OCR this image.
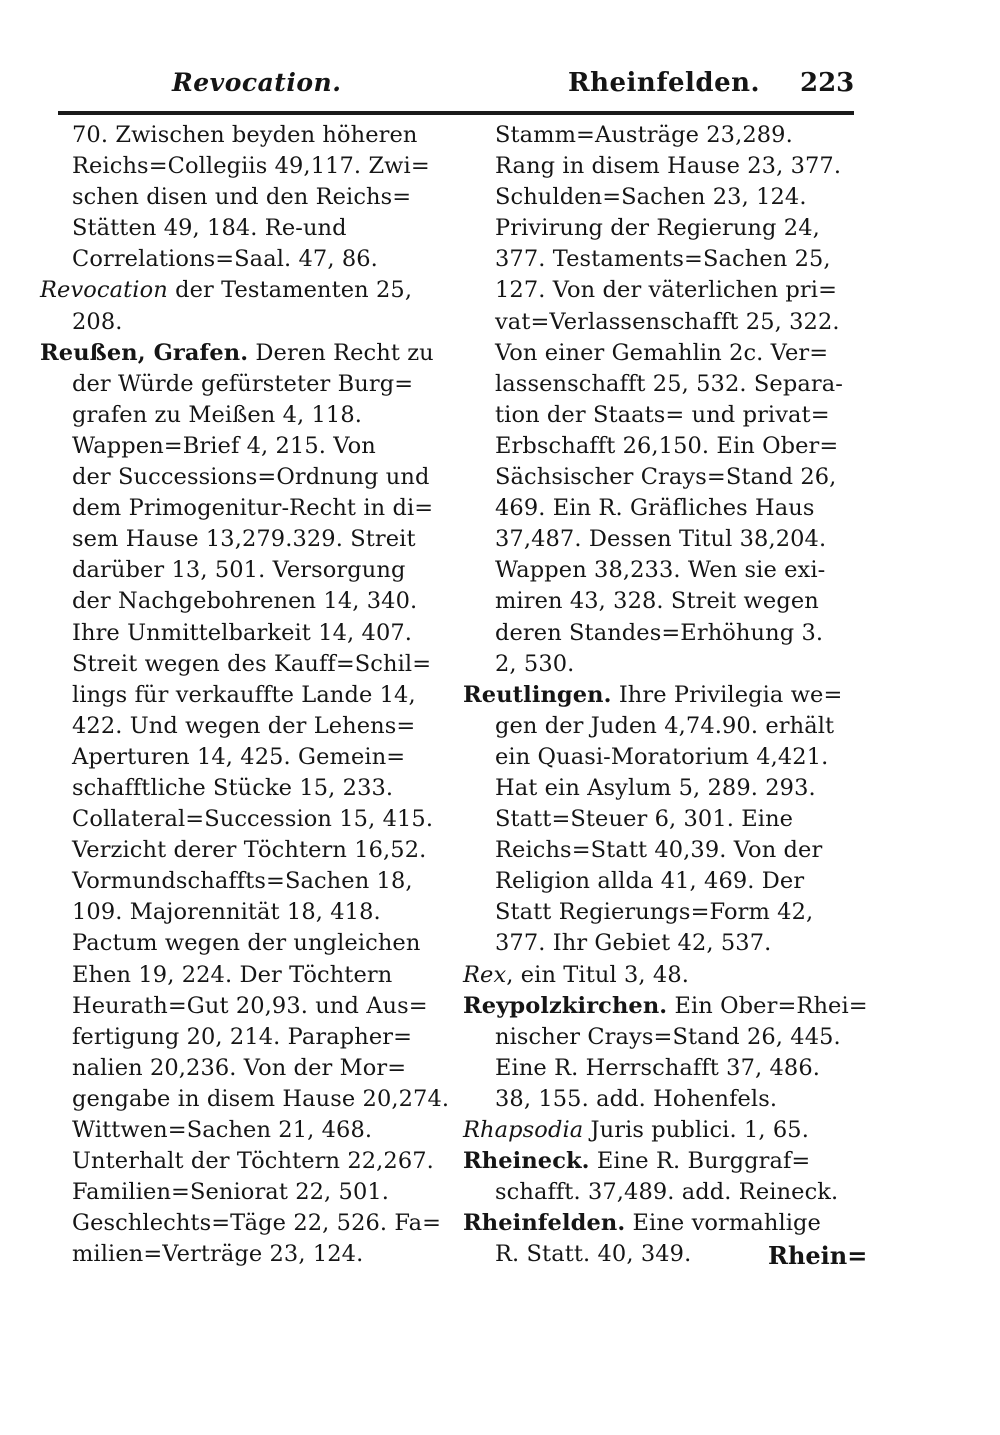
Revocation.	Rheinfelden. 223
70. Zwischen beyden höheren
Reichs=Collegiis 49,117. Zwi=
schen disen und den Reichs=
Stätten 49, 184. Re-und
Correlations=Saal. 47, 86.
Revocation der Testamenten 25,
208.
Reußen, Grafen. Deren Recht zu
der Würde gefürsteter Burg=
grafen zu Meißen 4, 118.
Wappen=Brief 4, 215. Von
der Successions=Ordnung und
dem Primogenitur-Recht in di=
sem Hause 13,279.329. Streit
darüber 13, 501. Versorgung
der Nachgebohrenen 14, 340.
Ihre Unmittelbarkeit 14, 407.
Streit wegen des Kauff=Schil=
lings für verkauffte Lande 14,
422. Und wegen der Lehens=
Aperturen 14, 425. Gemein=
schafftliche Stücke 15, 233.
Collateral=Succession 15, 415.
Verzicht derer Töchtern 16,52.
Vormundschaffts=Sachen 18,
109. Majorennität 18, 418.
Pactum wegen der ungleichen
Ehen 19, 224. Der Töchtern
Heurath=Gut 20,93. und Aus=
fertigung 20, 214. Parapher=
nalien 20,236. Von der Mor=
gengabe in disem Hause 20,274.
Wittwen=Sachen 21, 468.
Unterhalt der Töchtern 22,267.
Familien=Seniorat 22, 501.
Geschlechts=Täge 22, 526. Fa=
milien=Verträge 23, 124.
Stamm=Austräge 23,289.
Rang in disem Hause 23, 377.
Schulden=Sachen 23, 124.
Privirung der Regierung 24,
377. Testaments=Sachen 25,
127. Von der väterlichen pri=
vat=Verlassenschafft 25, 322.
Von einer Gemahlin 2c. Ver=
lassenschafft 25, 532. Separa-
tion der Staats= und privat=
Erbschafft 26,150. Ein Ober=
Sächsischer Crays=Stand 26,
469. Ein R. Gräfliches Haus
37,487. Dessen Titul 38,204.
Wappen 38,233. Wen sie exi-
miren 43, 328. Streit wegen
deren Standes=Erhöhung 3.
2, 530.
Reutlingen. Ihre Privilegia we=
gen der Juden 4,74.90. erhält
ein Quasi-Moratorium 4,421.
Hat ein Asylum 5, 289. 293.
Statt=Steuer 6, 301. Eine
Reichs=Statt 40,39. Von der
Religion allda 41, 469. Der
Statt Regierungs=Form 42,
377. Ihr Gebiet 42, 537.
Rex, ein Titul 3, 48.
Reypolzkirchen. Ein Ober=Rhei=
nischer Crays=Stand 26, 445.
Eine R. Herrschafft 37, 486.
38, 155. add. Hohenfels.
Rhapsodia Juris publici. 1, 65.
Rheineck. Eine R. Burggraf=
schafft. 37,489. add. Reineck.
Rheinfelden. Eine vormahlige
R. Statt. 40, 349.	Rhein=
